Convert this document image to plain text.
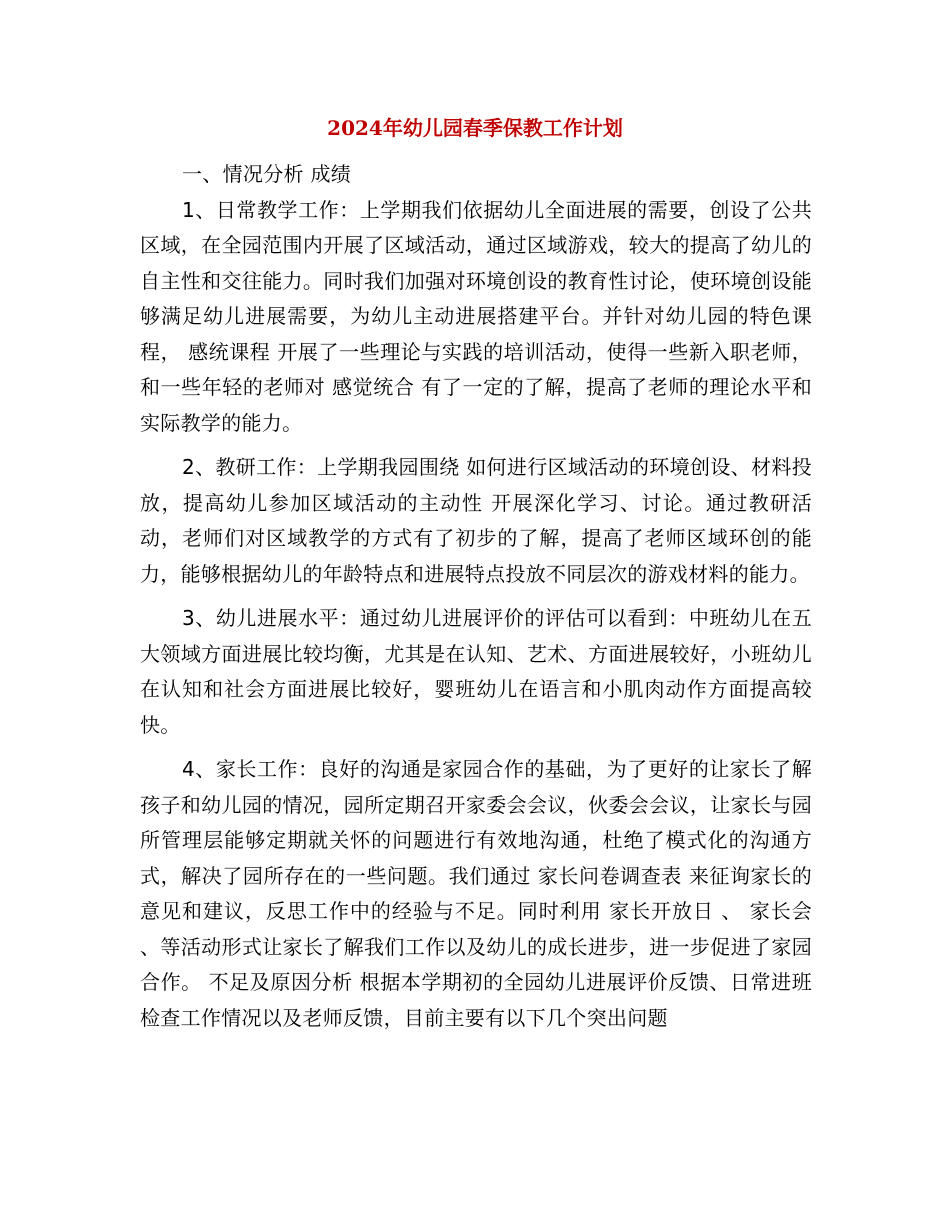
2024年幼儿园春季保教工作计划

一、情况分析 成绩

1、日常教学工作：上学期我们依据幼儿全面进展的需要，创设了公共区域，在全园范围内开展了区域活动，通过区域游戏，较大的提高了幼儿的自主性和交往能力。同时我们加强对环境创设的教育性讨论，使环境创设能够满足幼儿进展需要，为幼儿主动进展搭建平台。并针对幼儿园的特色课程， 感统课程 开展了一些理论与实践的培训活动，使得一些新入职老师，和一些年轻的老师对 感觉统合 有了一定的了解，提高了老师的理论水平和实际教学的能力。

2、教研工作：上学期我园围绕 如何进行区域活动的环境创设、材料投放，提高幼儿参加区域活动的主动性 开展深化学习、讨论。通过教研活动，老师们对区域教学的方式有了初步的了解，提高了老师区域环创的能力，能够根据幼儿的年龄特点和进展特点投放不同层次的游戏材料的能力。

3、幼儿进展水平：通过幼儿进展评价的评估可以看到：中班幼儿在五大领域方面进展比较均衡，尤其是在认知、艺术、方面进展较好，小班幼儿在认知和社会方面进展比较好，婴班幼儿在语言和小肌肉动作方面提高较快。

4、家长工作：良好的沟通是家园合作的基础，为了更好的让家长了解孩子和幼儿园的情况，园所定期召开家委会会议，伙委会会议，让家长与园所管理层能够定期就关怀的问题进行有效地沟通，杜绝了模式化的沟通方式，解决了园所存在的一些问题。我们通过 家长问卷调查表 来征询家长的意见和建议，反思工作中的经验与不足。同时利用 家长开放日 、 家长会 、等活动形式让家长了解我们工作以及幼儿的成长进步，进一步促进了家园合作。 不足及原因分析 根据本学期初的全园幼儿进展评价反馈、日常进班检查工作情况以及老师反馈，目前主要有以下几个突出问题
